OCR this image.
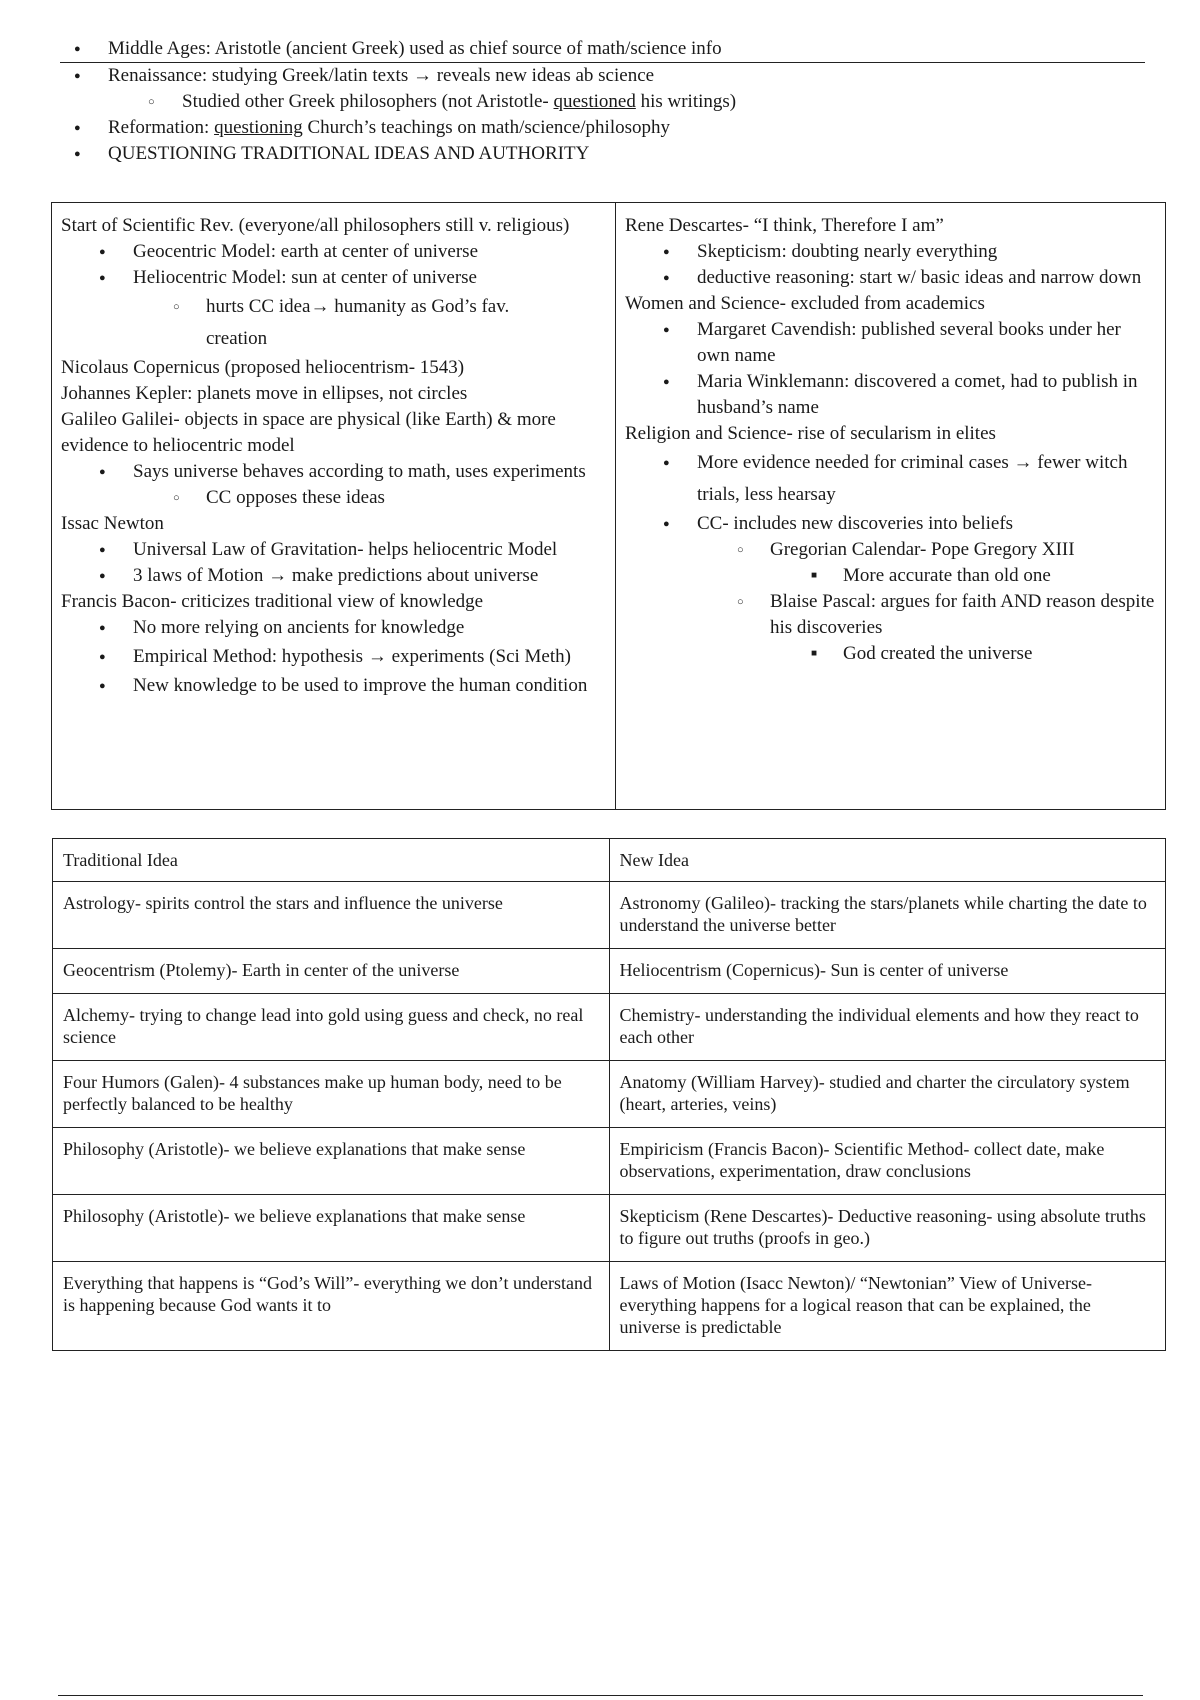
● Middle Ages: Aristotle (ancient Greek) used as chief source of math/science info
● Renaissance: studying Greek/latin texts → reveals new ideas ab science
○ Studied other Greek philosophers (not Aristotle- questioned his writings)
● Reformation: questioning Church’s teachings on math/science/philosophy
● QUESTIONING TRADITIONAL IDEAS AND AUTHORITY
Start of Scientific Rev. (everyone/all philosophers still v. religious)
● Geocentric Model: earth at center of universe
● Heliocentric Model: sun at center of universe
○ hurts CC idea→ humanity as God’s fav.
creation
Nicolaus Copernicus (proposed heliocentrism- 1543)
Johannes Kepler: planets move in ellipses, not circles
Galileo Galilei- objects in space are physical (like Earth) & more evidence to heliocentric model
● Says universe behaves according to math, uses experiments
○ CC opposes these ideas
Issac Newton
● Universal Law of Gravitation- helps heliocentric Model
● 3 laws of Motion → make predictions about universe
Francis Bacon- criticizes traditional view of knowledge
● No more relying on ancients for knowledge
● Empirical Method: hypothesis → experiments (Sci Meth)
● New knowledge to be used to improve the human condition
Rene Descartes- “I think, Therefore I am”
● Skepticism: doubting nearly everything
● deductive reasoning: start w/ basic ideas and narrow down
Women and Science- excluded from academics
● Margaret Cavendish: published several books under her own name
● Maria Winklemann: discovered a comet, had to publish in husband’s name
Religion and Science- rise of secularism in elites
● More evidence needed for criminal cases → fewer witch trials, less hearsay
● CC- includes new discoveries into beliefs
○ Gregorian Calendar- Pope Gregory XIII
■ More accurate than old one
○ Blaise Pascal: argues for faith AND reason despite his discoveries
■ God created the universe
Traditional Idea	New Idea
Astrology- spirits control the stars and influence the universe	Astronomy (Galileo)- tracking the stars/planets while charting the date to understand the universe better
Geocentrism (Ptolemy)- Earth in center of the universe	Heliocentrism (Copernicus)- Sun is center of universe
Alchemy- trying to change lead into gold using guess and check, no real science	Chemistry- understanding the individual elements and how they react to each other
Four Humors (Galen)- 4 substances make up human body, need to be perfectly balanced to be healthy	Anatomy (William Harvey)- studied and charter the circulatory system (heart, arteries, veins)
Philosophy (Aristotle)- we believe explanations that make sense	Empiricism (Francis Bacon)- Scientific Method- collect date, make observations, experimentation, draw conclusions
Philosophy (Aristotle)- we believe explanations that make sense	Skepticism (Rene Descartes)- Deductive reasoning- using absolute truths to figure out truths (proofs in geo.)
Everything that happens is “God’s Will”- everything we don’t understand is happening because God wants it to	Laws of Motion (Isacc Newton)/ “Newtonian” View of Universe- everything happens for a logical reason that can be explained, the universe is predictable
